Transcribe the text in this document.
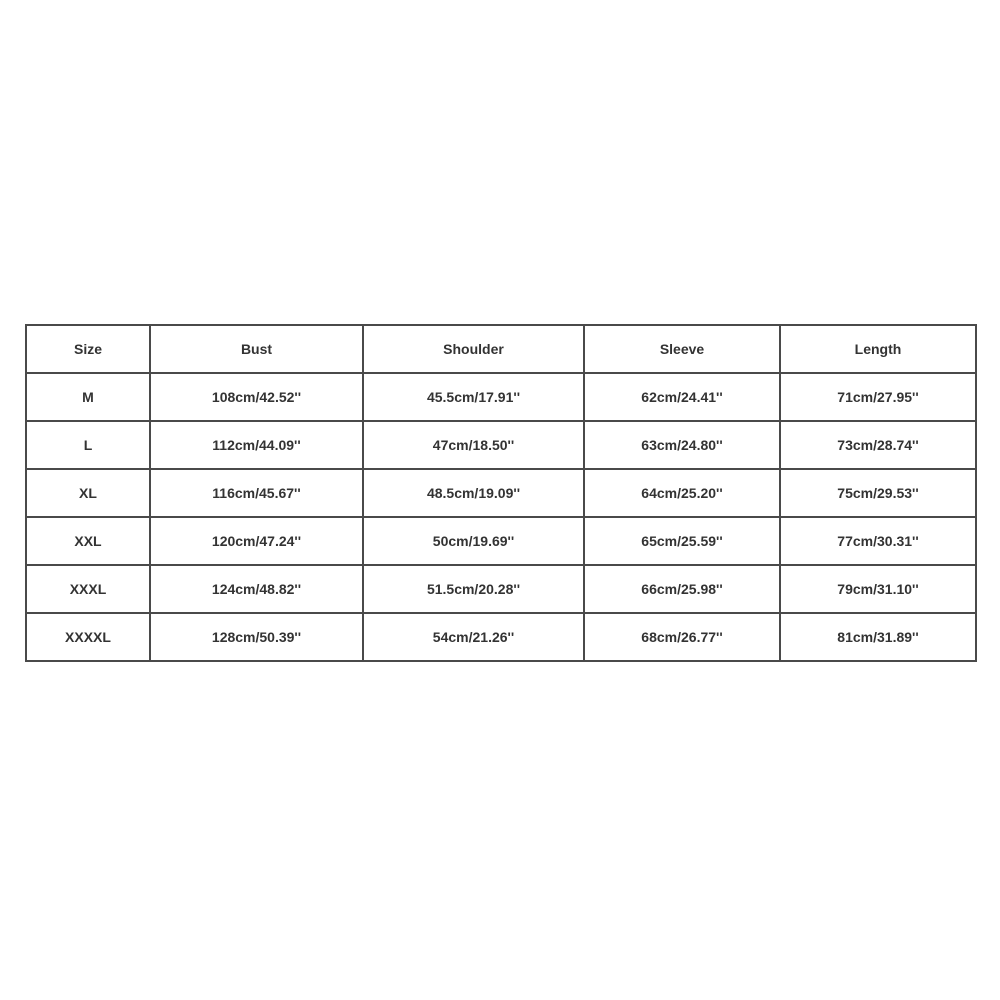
Size	Bust	Shoulder	Sleeve	Length
M	108cm/42.52''	45.5cm/17.91''	62cm/24.41''	71cm/27.95''
L	112cm/44.09''	47cm/18.50''	63cm/24.80''	73cm/28.74''
XL	116cm/45.67''	48.5cm/19.09''	64cm/25.20''	75cm/29.53''
XXL	120cm/47.24''	50cm/19.69''	65cm/25.59''	77cm/30.31''
XXXL	124cm/48.82''	51.5cm/20.28''	66cm/25.98''	79cm/31.10''
XXXXL	128cm/50.39''	54cm/21.26''	68cm/26.77''	81cm/31.89''
